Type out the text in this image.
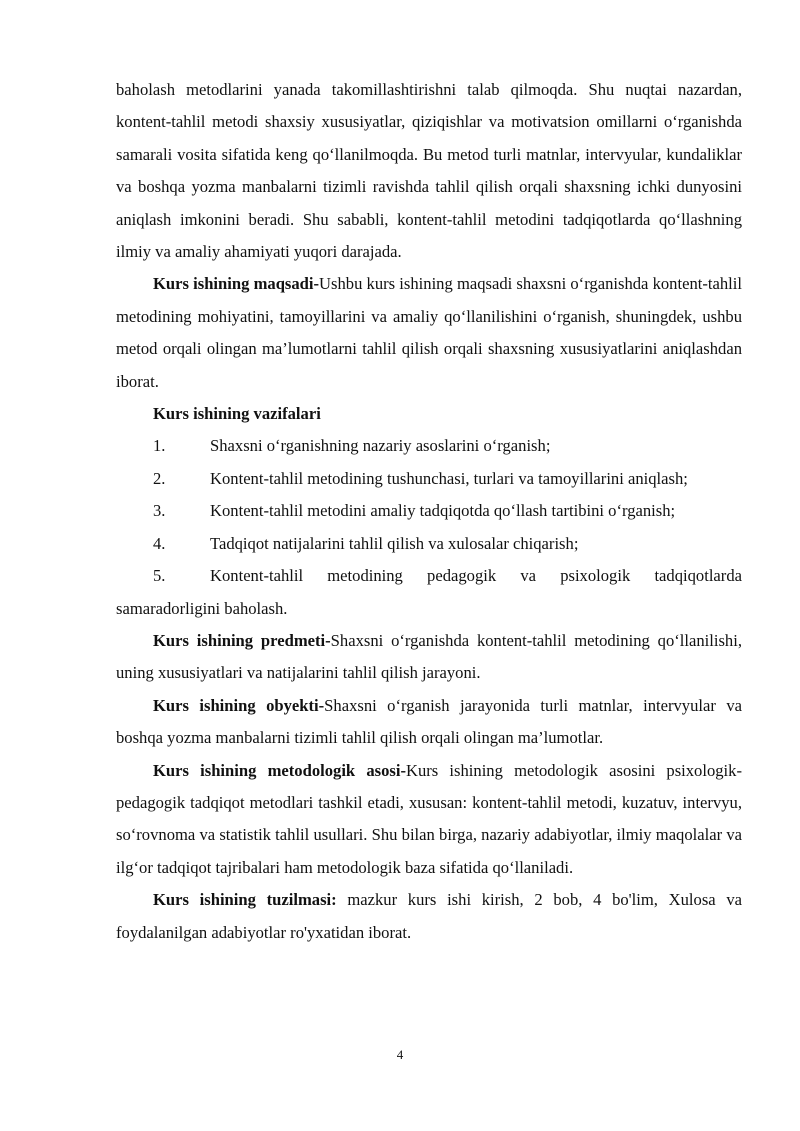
baholash metodlarini yanada takomillashtirishni talab qilmoqda. Shu nuqtai nazardan, kontent-tahlil metodi shaxsiy xususiyatlar, qiziqishlar va motivatsion omillarni o‘rganishda samarali vosita sifatida keng qo‘llanilmoqda. Bu metod turli matnlar, intervyular, kundaliklar va boshqa yozma manbalarni tizimli ravishda tahlil qilish orqali shaxsning ichki dunyosini aniqlash imkonini beradi. Shu sababli, kontent-tahlil metodini tadqiqotlarda qo‘llashning ilmiy va amaliy ahamiyati yuqori darajada.

Kurs ishining maqsadi-Ushbu kurs ishining maqsadi shaxsni o‘rganishda kontent-tahlil metodining mohiyatini, tamoyillarini va amaliy qo‘llanilishini o‘rganish, shuningdek, ushbu metod orqali olingan ma’lumotlarni tahlil qilish orqali shaxsning xususiyatlarini aniqlashdan iborat.

Kurs ishining vazifalari

1.	Shaxsni o‘rganishning nazariy asoslarini o‘rganish;

2.	Kontent-tahlil metodining tushunchasi, turlari va tamoyillarini aniqlash;

3.	Kontent-tahlil metodini amaliy tadqiqotda qo‘llash tartibini o‘rganish;

4.	Tadqiqot natijalarini tahlil qilish va xulosalar chiqarish;

5.	Kontent-tahlil metodining pedagogik va psixologik tadqiqotlarda samaradorligini baholash.

Kurs ishining predmeti-Shaxsni o‘rganishda kontent-tahlil metodining qo‘llanilishi, uning xususiyatlari va natijalarini tahlil qilish jarayoni.

Kurs ishining obyekti-Shaxsni o‘rganish jarayonida turli matnlar, intervyular va boshqa yozma manbalarni tizimli tahlil qilish orqali olingan ma’lumotlar.

Kurs ishining metodologik asosi-Kurs ishining metodologik asosini psixologik-pedagogik tadqiqot metodlari tashkil etadi, xususan: kontent-tahlil metodi, kuzatuv, intervyu, so‘rovnoma va statistik tahlil usullari. Shu bilan birga, nazariy adabiyotlar, ilmiy maqolalar va ilg‘or tadqiqot tajribalari ham metodologik baza sifatida qo‘llaniladi.

Kurs ishining tuzilmasi: mazkur kurs ishi kirish, 2 bob, 4 bo'lim, Xulosa va foydalanilgan adabiyotlar ro'yxatidan iborat.

4
